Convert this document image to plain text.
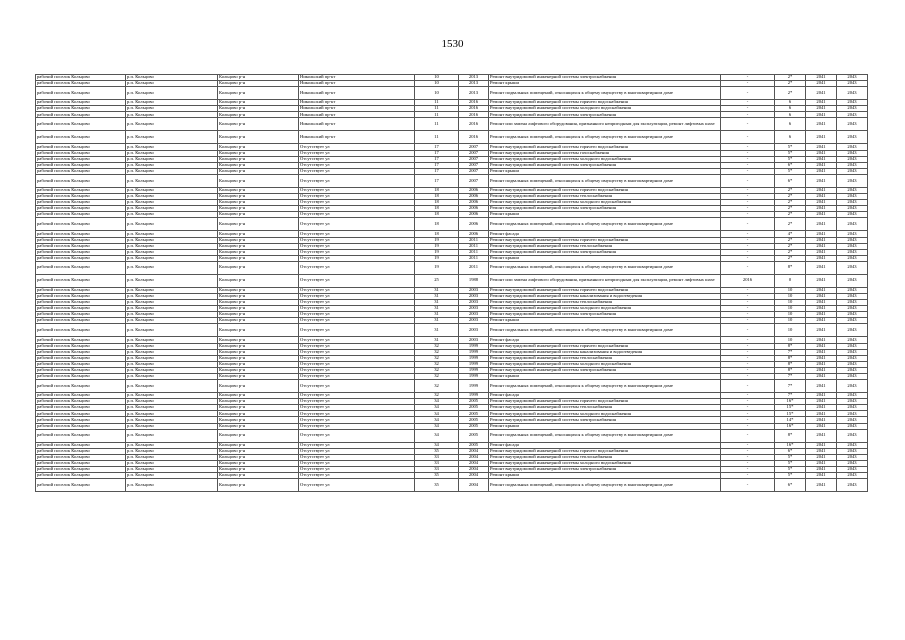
1530
рабочий поселок Кольцово	р.п. Кольцово	Кольцово р-н	Никольский пр-кт	10	2013	Ремонт внутридомовой инженерной системы электроснабжения	-	2*	2041	2043
рабочий поселок Кольцово	р.п. Кольцово	Кольцово р-н	Никольский пр-кт	10	2013	Ремонт крыши	-	2*	2041	2043
рабочий поселок Кольцово	р.п. Кольцово	Кольцово р-н	Никольский пр-кт	10	2013	Ремонт подвальных помещений, относящихся к общему имуществу в многоквартирном доме	-	2*	2041	2043
рабочий поселок Кольцово	р.п. Кольцово	Кольцово р-н	Никольский пр-кт	11	2016	Ремонт внутридомовой инженерной системы горячего водоснабжения	-	6	2041	2043
рабочий поселок Кольцово	р.п. Кольцово	Кольцово р-н	Никольский пр-кт	11	2016	Ремонт внутридомовой инженерной системы холодного водоснабжения	-	6	2041	2043
рабочий поселок Кольцово	р.п. Кольцово	Кольцово р-н	Никольский пр-кт	11	2016	Ремонт внутридомовой инженерной системы электроснабжения	-	6	2041	2043
рабочий поселок Кольцово	р.п. Кольцово	Кольцово р-н	Никольский пр-кт	11	2016	Ремонт или замена лифтового оборудования, признанного непригодным для эксплуатации, ремонт лифтовых шахт	-	6	2041	2043
рабочий поселок Кольцово	р.п. Кольцово	Кольцово р-н	Никольский пр-кт	11	2016	Ремонт подвальных помещений, относящихся к общему имуществу в многоквартирном доме	-	6	2041	2043
рабочий поселок Кольцово	р.п. Кольцово	Кольцово р-н	Отсутствует ул	17	2007	Ремонт внутридомовой инженерной системы горячего водоснабжения	-	5*	2041	2043
рабочий поселок Кольцово	р.п. Кольцово	Кольцово р-н	Отсутствует ул	17	2007	Ремонт внутридомовой инженерной системы газоснабжения	-	5*	2041	2043
рабочий поселок Кольцово	р.п. Кольцово	Кольцово р-н	Отсутствует ул	17	2007	Ремонт внутридомовой инженерной системы холодного водоснабжения	-	5*	2041	2043
рабочий поселок Кольцово	р.п. Кольцово	Кольцово р-н	Отсутствует ул	17	2007	Ремонт внутридомовой инженерной системы электроснабжения	-	6*	2041	2043
рабочий поселок Кольцово	р.п. Кольцово	Кольцово р-н	Отсутствует ул	17	2007	Ремонт крыши	-	5*	2041	2043
рабочий поселок Кольцово	р.п. Кольцово	Кольцово р-н	Отсутствует ул	17	2007	Ремонт подвальных помещений, относящихся к общему имуществу в многоквартирном доме	-	6*	2041	2043
рабочий поселок Кольцово	р.п. Кольцово	Кольцово р-н	Отсутствует ул	18	2006	Ремонт внутридомовой инженерной системы горячего водоснабжения	-	2*	2041	2043
рабочий поселок Кольцово	р.п. Кольцово	Кольцово р-н	Отсутствует ул	18	2006	Ремонт внутридомовой инженерной системы теплоснабжения	-	2*	2041	2043
рабочий поселок Кольцово	р.п. Кольцово	Кольцово р-н	Отсутствует ул	18	2006	Ремонт внутридомовой инженерной системы холодного водоснабжения	-	2*	2041	2043
рабочий поселок Кольцово	р.п. Кольцово	Кольцово р-н	Отсутствует ул	18	2006	Ремонт внутридомовой инженерной системы электроснабжения	-	2*	2041	2043
рабочий поселок Кольцово	р.п. Кольцово	Кольцово р-н	Отсутствует ул	18	2006	Ремонт крыши	-	2*	2041	2043
рабочий поселок Кольцово	р.п. Кольцово	Кольцово р-н	Отсутствует ул	18	2006	Ремонт подвальных помещений, относящихся к общему имуществу в многоквартирном доме	-	2*	2041	2043
рабочий поселок Кольцово	р.п. Кольцово	Кольцово р-н	Отсутствует ул	18	2006	Ремонт фасада	-	4*	2041	2043
рабочий поселок Кольцово	р.п. Кольцово	Кольцово р-н	Отсутствует ул	19	2011	Ремонт внутридомовой инженерной системы горячего водоснабжения	-	2*	2041	2043
рабочий поселок Кольцово	р.п. Кольцово	Кольцово р-н	Отсутствует ул	19	2011	Ремонт внутридомовой инженерной системы теплоснабжения	-	2*	2041	2043
рабочий поселок Кольцово	р.п. Кольцово	Кольцово р-н	Отсутствует ул	19	2011	Ремонт внутридомовой инженерной системы электроснабжения	-	2*	2041	2043
рабочий поселок Кольцово	р.п. Кольцово	Кольцово р-н	Отсутствует ул	19	2011	Ремонт крыши	-	2*	2041	2043
рабочий поселок Кольцово	р.п. Кольцово	Кольцово р-н	Отсутствует ул	19	2011	Ремонт подвальных помещений, относящихся к общему имуществу в многоквартирном доме	-	8*	2041	2043
рабочий поселок Кольцово	р.п. Кольцово	Кольцово р-н	Отсутствует ул	25	1988	Ремонт или замена лифтового оборудования, признанного непригодным для эксплуатации, ремонт лифтовых шахт	2016	0	2041	2043
рабочий поселок Кольцово	р.п. Кольцово	Кольцово р-н	Отсутствует ул	31	2003	Ремонт внутридомовой инженерной системы горячего водоснабжения	-	10	2041	2043
рабочий поселок Кольцово	р.п. Кольцово	Кольцово р-н	Отсутствует ул	31	2003	Ремонт внутридомовой инженерной системы канализования и водоотведения	-	10	2041	2043
рабочий поселок Кольцово	р.п. Кольцово	Кольцово р-н	Отсутствует ул	31	2003	Ремонт внутридомовой инженерной системы теплоснабжения	-	10	2041	2043
рабочий поселок Кольцово	р.п. Кольцово	Кольцово р-н	Отсутствует ул	31	2003	Ремонт внутридомовой инженерной системы холодного водоснабжения	-	10	2041	2043
рабочий поселок Кольцово	р.п. Кольцово	Кольцово р-н	Отсутствует ул	31	2003	Ремонт внутридомовой инженерной системы электроснабжения	-	10	2041	2043
рабочий поселок Кольцово	р.п. Кольцово	Кольцово р-н	Отсутствует ул	31	2003	Ремонт крыши	-	10	2041	2043
рабочий поселок Кольцово	р.п. Кольцово	Кольцово р-н	Отсутствует ул	31	2003	Ремонт подвальных помещений, относящихся к общему имуществу в многоквартирном доме	-	10	2041	2043
рабочий поселок Кольцово	р.п. Кольцово	Кольцово р-н	Отсутствует ул	31	2003	Ремонт фасада	-	10	2041	2043
рабочий поселок Кольцово	р.п. Кольцово	Кольцово р-н	Отсутствует ул	32	1999	Ремонт внутридомовой инженерной системы горячего водоснабжения	-	8*	2041	2043
рабочий поселок Кольцово	р.п. Кольцово	Кольцово р-н	Отсутствует ул	32	1999	Ремонт внутридомовой инженерной системы канализования и водоотведения	-	7*	2041	2043
рабочий поселок Кольцово	р.п. Кольцово	Кольцово р-н	Отсутствует ул	32	1999	Ремонт внутридомовой инженерной системы теплоснабжения	-	8*	2041	2043
рабочий поселок Кольцово	р.п. Кольцово	Кольцово р-н	Отсутствует ул	32	1999	Ремонт внутридомовой инженерной системы холодного водоснабжения	-	8*	2041	2043
рабочий поселок Кольцово	р.п. Кольцово	Кольцово р-н	Отсутствует ул	32	1999	Ремонт внутридомовой инженерной системы электроснабжения	-	8*	2041	2043
рабочий поселок Кольцово	р.п. Кольцово	Кольцово р-н	Отсутствует ул	32	1999	Ремонт крыши	-	7*	2041	2043
рабочий поселок Кольцово	р.п. Кольцово	Кольцово р-н	Отсутствует ул	32	1999	Ремонт подвальных помещений, относящихся к общему имуществу в многоквартирном доме	-	7*	2041	2043
рабочий поселок Кольцово	р.п. Кольцово	Кольцово р-н	Отсутствует ул	32	1999	Ремонт фасада	-	7*	2041	2043
рабочий поселок Кольцово	р.п. Кольцово	Кольцово р-н	Отсутствует ул	34	2005	Ремонт внутридомовой инженерной системы горячего водоснабжения	-	16*	2041	2043
рабочий поселок Кольцово	р.п. Кольцово	Кольцово р-н	Отсутствует ул	34	2005	Ремонт внутридомовой инженерной системы теплоснабжения	-	15*	2041	2043
рабочий поселок Кольцово	р.п. Кольцово	Кольцово р-н	Отсутствует ул	34	2005	Ремонт внутридомовой инженерной системы холодного водоснабжения	-	15*	2041	2043
рабочий поселок Кольцово	р.п. Кольцово	Кольцово р-н	Отсутствует ул	34	2005	Ремонт внутридомовой инженерной системы электроснабжения	-	14*	2041	2043
рабочий поселок Кольцово	р.п. Кольцово	Кольцово р-н	Отсутствует ул	34	2005	Ремонт крыши	-	16*	2041	2043
рабочий поселок Кольцово	р.п. Кольцово	Кольцово р-н	Отсутствует ул	34	2005	Ремонт подвальных помещений, относящихся к общему имуществу в многоквартирном доме	-	8*	2041	2043
рабочий поселок Кольцово	р.п. Кольцово	Кольцово р-н	Отсутствует ул	34	2005	Ремонт фасада	-	16*	2041	2043
рабочий поселок Кольцово	р.п. Кольцово	Кольцово р-н	Отсутствует ул	35	2004	Ремонт внутридомовой инженерной системы горячего водоснабжения	-	6*	2041	2043
рабочий поселок Кольцово	р.п. Кольцово	Кольцово р-н	Отсутствует ул	33	2004	Ремонт внутридомовой инженерной системы теплоснабжения	-	5*	2041	2043
рабочий поселок Кольцово	р.п. Кольцово	Кольцово р-н	Отсутствует ул	33	2004	Ремонт внутридомовой инженерной системы холодного водоснабжения	-	5*	2041	2043
рабочий поселок Кольцово	р.п. Кольцово	Кольцово р-н	Отсутствует ул	33	2004	Ремонт внутридомовой инженерной системы электроснабжения	-	5*	2041	2043
рабочий поселок Кольцово	р.п. Кольцово	Кольцово р-н	Отсутствует ул	35	2004	Ремонт крыши	-	5*	2041	2043
рабочий поселок Кольцово	р.п. Кольцово	Кольцово р-н	Отсутствует ул	35	2004	Ремонт подвальных помещений, относящихся к общему имуществу в многоквартирном доме	-	6*	2041	2043
